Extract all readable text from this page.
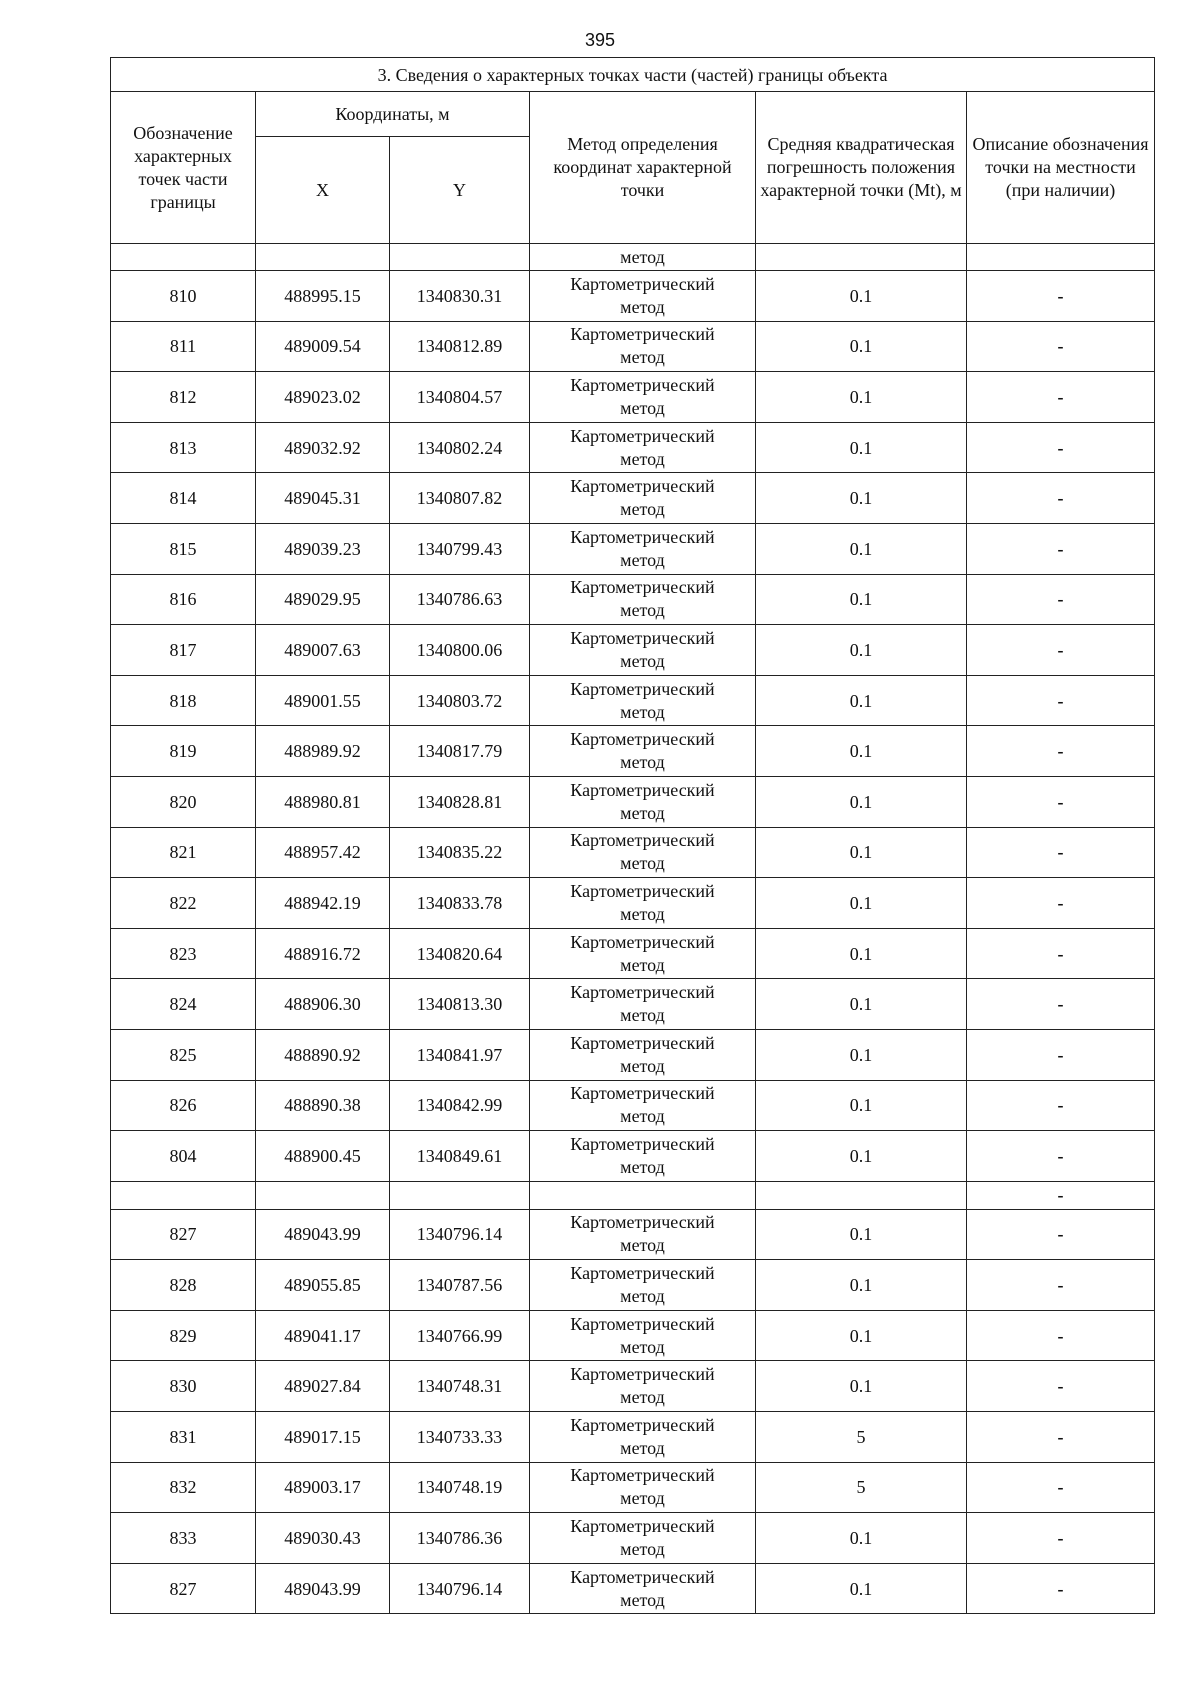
395
3. Сведения о характерных точках части (частей) границы объекта					
Обозначение характерных точек части границы	Координаты, м		Метод определения координат характерной точки	Средняя квадратическая погрешность положения характерной точки (Mt), м	Описание обозначения точки на местности (при наличии)
	X	Y			
			метод		
810	488995.15	1340830.31	Картометрический
метод	0.1	-
811	489009.54	1340812.89	Картометрический
метод	0.1	-
812	489023.02	1340804.57	Картометрический
метод	0.1	-
813	489032.92	1340802.24	Картометрический
метод	0.1	-
814	489045.31	1340807.82	Картометрический
метод	0.1	-
815	489039.23	1340799.43	Картометрический
метод	0.1	-
816	489029.95	1340786.63	Картометрический
метод	0.1	-
817	489007.63	1340800.06	Картометрический
метод	0.1	-
818	489001.55	1340803.72	Картометрический
метод	0.1	-
819	488989.92	1340817.79	Картометрический
метод	0.1	-
820	488980.81	1340828.81	Картометрический
метод	0.1	-
821	488957.42	1340835.22	Картометрический
метод	0.1	-
822	488942.19	1340833.78	Картометрический
метод	0.1	-
823	488916.72	1340820.64	Картометрический
метод	0.1	-
824	488906.30	1340813.30	Картометрический
метод	0.1	-
825	488890.92	1340841.97	Картометрический
метод	0.1	-
826	488890.38	1340842.99	Картометрический
метод	0.1	-
804	488900.45	1340849.61	Картометрический
метод	0.1	-
					-
827	489043.99	1340796.14	Картометрический
метод	0.1	-
828	489055.85	1340787.56	Картометрический
метод	0.1	-
829	489041.17	1340766.99	Картометрический
метод	0.1	-
830	489027.84	1340748.31	Картометрический
метод	0.1	-
831	489017.15	1340733.33	Картометрический
метод	5	-
832	489003.17	1340748.19	Картометрический
метод	5	-
833	489030.43	1340786.36	Картометрический
метод	0.1	-
827	489043.99	1340796.14	Картометрический
метод	0.1	-
